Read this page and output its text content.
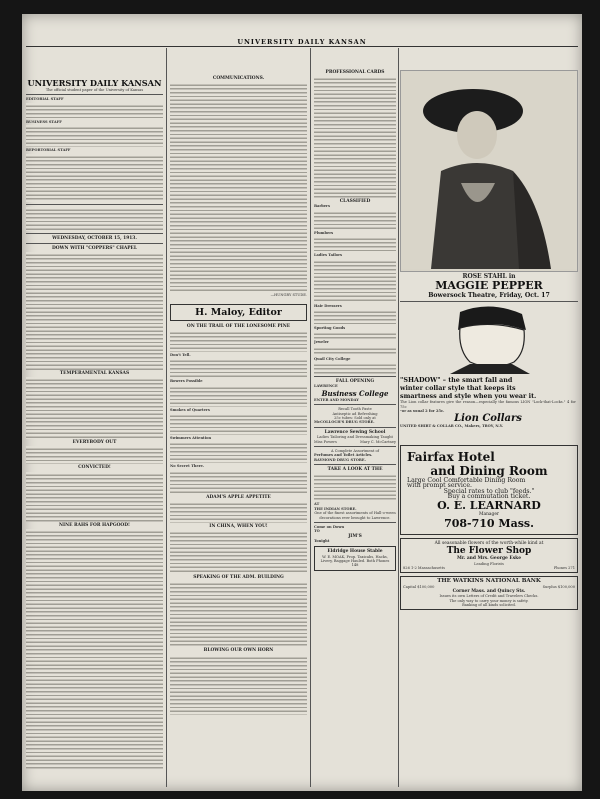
UNIVERSITY DAILY KANSAN
UNIVERSITY DAILY KANSAN
The official student paper of the University of Kansas
EDITORIAL STAFF
BUSINESS STAFF
REPORTORIAL STAFF
WEDNESDAY, OCTOBER 15, 1913.
DOWN WITH "COPPERS" CHAPEL
TEMPERAMENTAL KANSAS
EVERYBODY OUT
CONVICTED!
NINE RAHS FOR HAPGOOD!
COMMUNICATIONS.
—HUNGRY STUDE.
H. Maloy, Editor
ON THE TRAIL OF THE LONESOME PINE
Don't Tell.
Bowers Possible
Smokes of Quarters
Swimmers Attention
No Secret There.
ADAM'S APPLE APPETITE
IN CHINA, WHEN YOU!
SPEAKING OF THE ADM. BUILDING
BLOWING OUR OWN HORN
PROFESSIONAL CARDS
CLASSIFIED
Barbers
Plumbers
Ladies Tailors
Hair Dressers
Sporting Goods
Jeweler
Quail City College
FALL OPENING
LAWRENCE
Business College
ENTER AND MONDAY
Recall Tooth Paste
Antiseptic ad Refreshing
25c tubes: Sold only at
McCOLLOCH'S DRUG STORE.
Lawrence Sewing School
Ladies Tailoring and Dressmaking Taught
Miss Powers	Mary C. McCartney
A Complete Assortment of
Perfumes and Toilet Articles.
RAYMOND DRUG STORE.
TAKE A LOOK AT THE
AT
THE INDIAN STORE.
One of the finest assortments of Hall-o-ween decorations ever brought to Lawrence.
Come on Down
TO
JIM'S
Tonight
Eldridge House Stable
W. E. MOAK, Prop. Taxicabs, Hacks, Livery, Baggage Hauled. Both Phones 148
ROSE STAHL in
MAGGIE PEPPER
Bowersock Theatre, Friday, Oct. 17
"SHADOW" – the smart fall and
winter collar style that keeps its
smartness and style when you wear it.
The Lion collar features give the reason—especially the famous LION "Lock-that-Locks." 4 for 75c
–or as usual 2 for 25c.
Lion Collars
UNITED SHIRT & COLLAR CO., Makers, TROY, N.Y.
Fairfax Hotel
and Dining Room
Large Cool Comfortable Dining Room
with prompt service.
Special rates to club "feeds."
Buy a commutation ticket.
O. E. LEARNARD
Manager
708-710 Mass.
All seasonable flowers of the worth-while kind at
The Flower Shop
Mr. and Mrs. George Eske
Leading Florists
826 1-2 Massachusetts	Phones 271
THE WATKINS NATIONAL BANK
Capital $100,000	Surplus $100,000
Corner Mass. and Quincy Sts.
Issues its own Letters of Credit and Travelers Checks.
The only way to carry your money is safety.
Banking of all kinds solicited.
